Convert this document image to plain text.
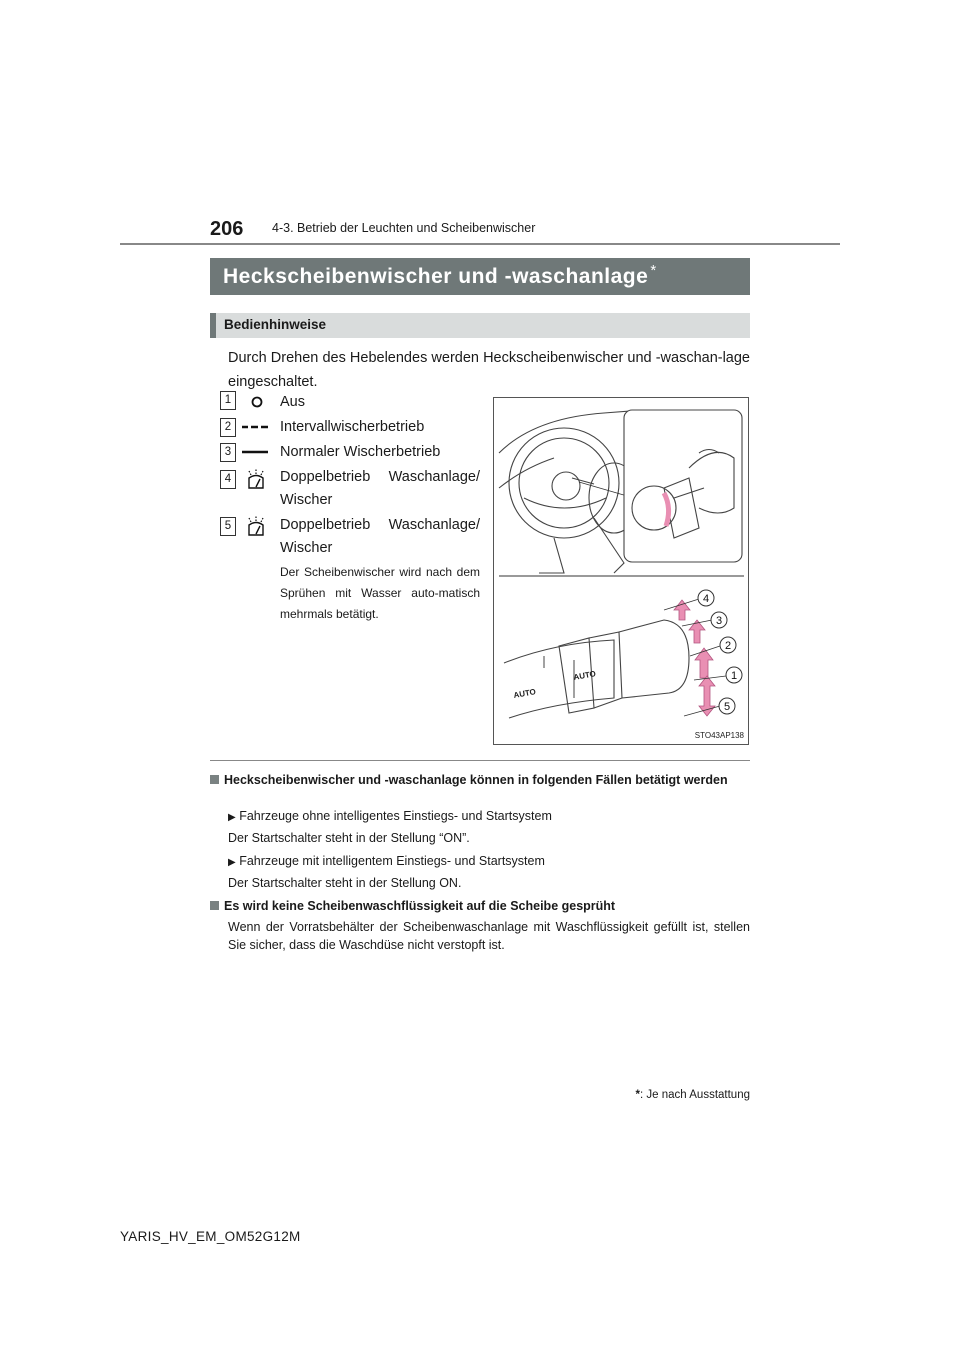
206 4-3. Betrieb der Leuchten und Scheibenwischer
Heckscheibenwischer und -waschanlage *
Bedienhinweise
Durch Drehen des Hebelendes werden Heckscheibenwischer und -waschan-lage eingeschaltet.
1	Aus
2	Intervallwischerbetrieb
3	Normaler Wischerbetrieb
4	Doppelbetrieb Waschanlage/ Wischer
5	Doppelbetrieb Waschanlage/ Wischer
Der Scheibenwischer wird nach dem Sprühen mit Wasser auto-matisch mehrmals betätigt.
AUTO
AUTO
4
3
2
1
5
STO43AP138
Heckscheibenwischer und -waschanlage können in folgenden Fällen betätigt werden
▶ Fahrzeuge ohne intelligentes Einstiegs- und Startsystem
Der Startschalter steht in der Stellung “ON”.
▶ Fahrzeuge mit intelligentem Einstiegs- und Startsystem
Der Startschalter steht in der Stellung ON.
Es wird keine Scheibenwaschflüssigkeit auf die Scheibe gesprüht
Wenn der Vorratsbehälter der Scheibenwaschanlage mit Waschflüssigkeit gefüllt ist, stellen Sie sicher, dass die Waschdüse nicht verstopft ist.
*: Je nach Ausstattung
YARIS_HV_EM_OM52G12M
